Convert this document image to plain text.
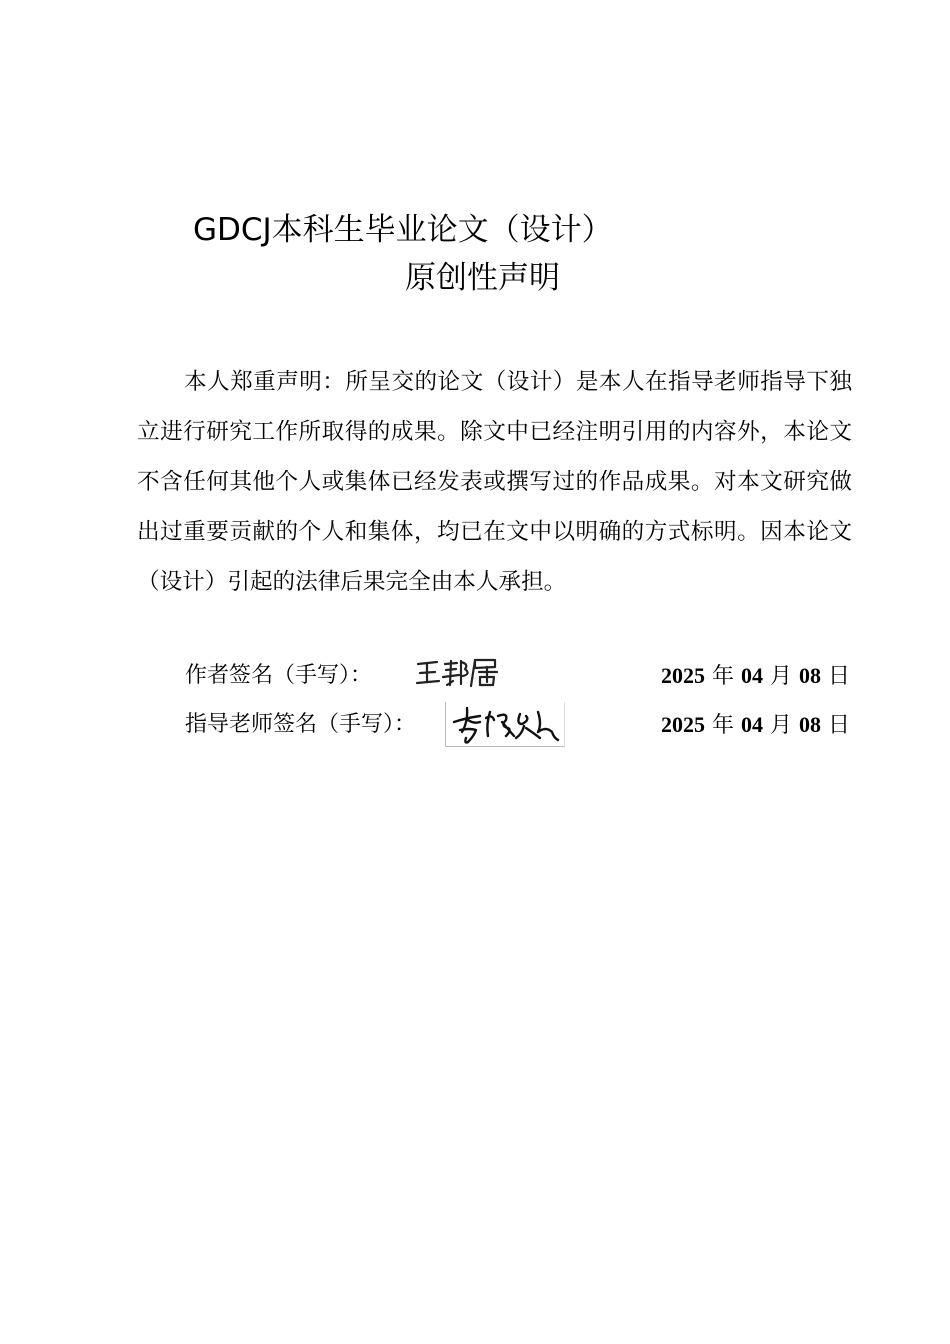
GDCJ本科生毕业论文（设计）
原创性声明
本人郑重声明：所呈交的论文（设计）是本人在指导老师指导下独立进行研究工作所取得的成果。除文中已经注明引用的内容外，本论文不含任何其他个人或集体已经发表或撰写过的作品成果。对本文研究做出过重要贡献的个人和集体，均已在文中以明确的方式标明。因本论文（设计）引起的法律后果完全由本人承担。
作者签名（手写）：	2025 年 04 月 08 日
指导老师签名（手写）：	2025 年 04 月 08 日
